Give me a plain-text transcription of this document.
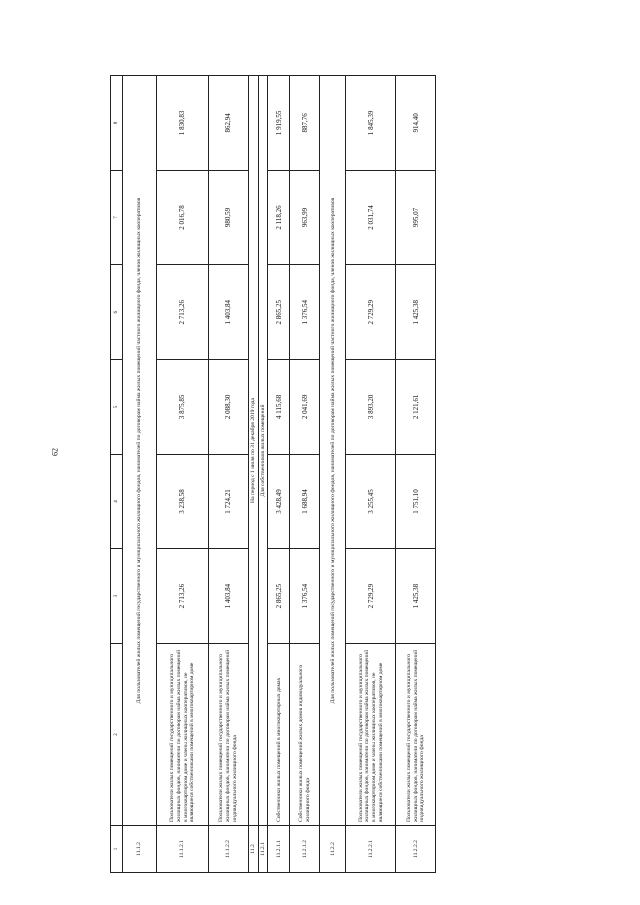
62
1	2	3	4	5	6	7	8
11.1.2	Для пользователей жилых помещений государственного и муниципального жилищного фондов, нанимателей по договорам найма жилых помещений частного жилищного фонда, членов жилищных кооперативов						
11.1.2.1	Пользователи жилых помещений государственного и муниципального жилищных фондов, наниматели по договорам найма жилых помещений в многоквартирном доме и члены жилищных кооперативов, не являющиеся собственниками помещений в многоквартирном доме	2 713,26	3 238,58	3 875,85	2 713,26	2 016,78	1 830,83
11.1.2.2	Пользователи жилых помещений государственного и муниципального жилищных фондов, наниматели по договорам найма жилых помещений индивидуального жилищного фонда	1 403,84	1 724,21	2 088,30	1 403,84	980,59	862,94
11.2	На период с 1 июля по 31 декабря 2019 года						
11.2.1	Для собственников жилых помещений						
11.2.1.1	Собственники жилых помещений в многоквартирных домах	2 865,25	3 428,49	4 115,68	2 865,25	2 118,26	1 919,55
11.2.1.2	Собственники жилых помещений жилых домов индивидуального жилищного фонда	1 376,54	1 688,94	2 041,69	1 376,54	963,99	887,76
11.2.2	Для пользователей жилых помещений государственного и муниципального жилищного фондов, нанимателей по договорам найма жилых помещений частного жилищного фонда, членов жилищных кооперативов						
11.2.2.1	Пользователи жилых помещений государственного и муниципального жилищных фондов, наниматели по договорам найма жилых помещений в многоквартирном доме и члены жилищных кооперативов, не являющиеся собственниками помещений в многоквартирном доме	2 729,29	3 255,45	3 893,20	2 729,29	2 031,74	1 845,39
11.2.2.2	Пользователи жилых помещений государственного и муниципального жилищных фондов, наниматели по договорам найма жилых помещений индивидуального жилищного фонда	1 425,38	1 751,10	2 121,61	1 425,38	995,07	914,40
